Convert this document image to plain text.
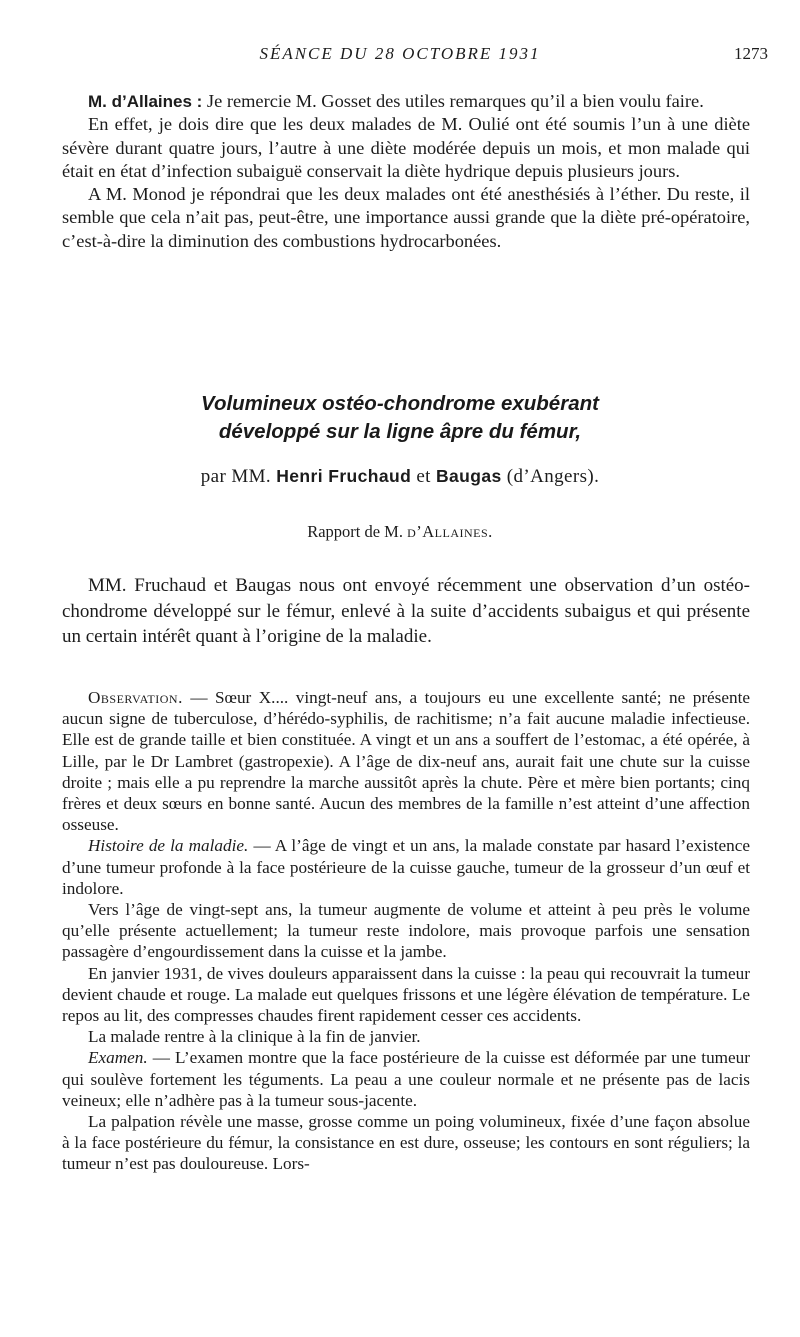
SÉANCE DU 28 OCTOBRE 1931	1273

M. d’Allaines : Je remercie M. Gosset des utiles remarques qu’il a bien voulu faire.

En effet, je dois dire que les deux malades de M. Oulié ont été soumis l’un à une diète sévère durant quatre jours, l’autre à une diète modérée depuis un mois, et mon malade qui était en état d’infection subaiguë conservait la diète hydrique depuis plusieurs jours.

A M. Monod je répondrai que les deux malades ont été anesthésiés à l’éther. Du reste, il semble que cela n’ait pas, peut-être, une importance aussi grande que la diète pré-opératoire, c’est-à-dire la diminution des combustions hydrocarbonées.

Volumineux ostéo-chondrome exubérant
développé sur la ligne âpre du fémur,
par MM. Henri Fruchaud et Baugas (d’Angers).
Rapport de M. d’Allaines.

MM. Fruchaud et Baugas nous ont envoyé récemment une observation d’un ostéo-chondrome développé sur le fémur, enlevé à la suite d’accidents subaigus et qui présente un certain intérêt quant à l’origine de la maladie.

Observation. — Sœur X.... vingt-neuf ans, a toujours eu une excellente santé; ne présente aucun signe de tuberculose, d’hérédo-syphilis, de rachitisme; n’a fait aucune maladie infectieuse. Elle est de grande taille et bien constituée. A vingt et un ans a souffert de l’estomac, a été opérée, à Lille, par le Dr Lambret (gastropexie). A l’âge de dix-neuf ans, aurait fait une chute sur la cuisse droite ; mais elle a pu reprendre la marche aussitôt après la chute. Père et mère bien portants; cinq frères et deux sœurs en bonne santé. Aucun des membres de la famille n’est atteint d’une affection osseuse.

Histoire de la maladie. — A l’âge de vingt et un ans, la malade constate par hasard l’existence d’une tumeur profonde à la face postérieure de la cuisse gauche, tumeur de la grosseur d’un œuf et indolore.

Vers l’âge de vingt-sept ans, la tumeur augmente de volume et atteint à peu près le volume qu’elle présente actuellement; la tumeur reste indolore, mais provoque parfois une sensation passagère d’engourdissement dans la cuisse et la jambe.

En janvier 1931, de vives douleurs apparaissent dans la cuisse : la peau qui recouvrait la tumeur devient chaude et rouge. La malade eut quelques frissons et une légère élévation de température. Le repos au lit, des compresses chaudes firent rapidement cesser ces accidents.

La malade rentre à la clinique à la fin de janvier.

Examen. — L’examen montre que la face postérieure de la cuisse est déformée par une tumeur qui soulève fortement les téguments. La peau a une couleur normale et ne présente pas de lacis veineux; elle n’adhère pas à la tumeur sous-jacente.

La palpation révèle une masse, grosse comme un poing volumineux, fixée d’une façon absolue à la face postérieure du fémur, la consistance en est dure, osseuse; les contours en sont réguliers; la tumeur n’est pas douloureuse. Lors-
